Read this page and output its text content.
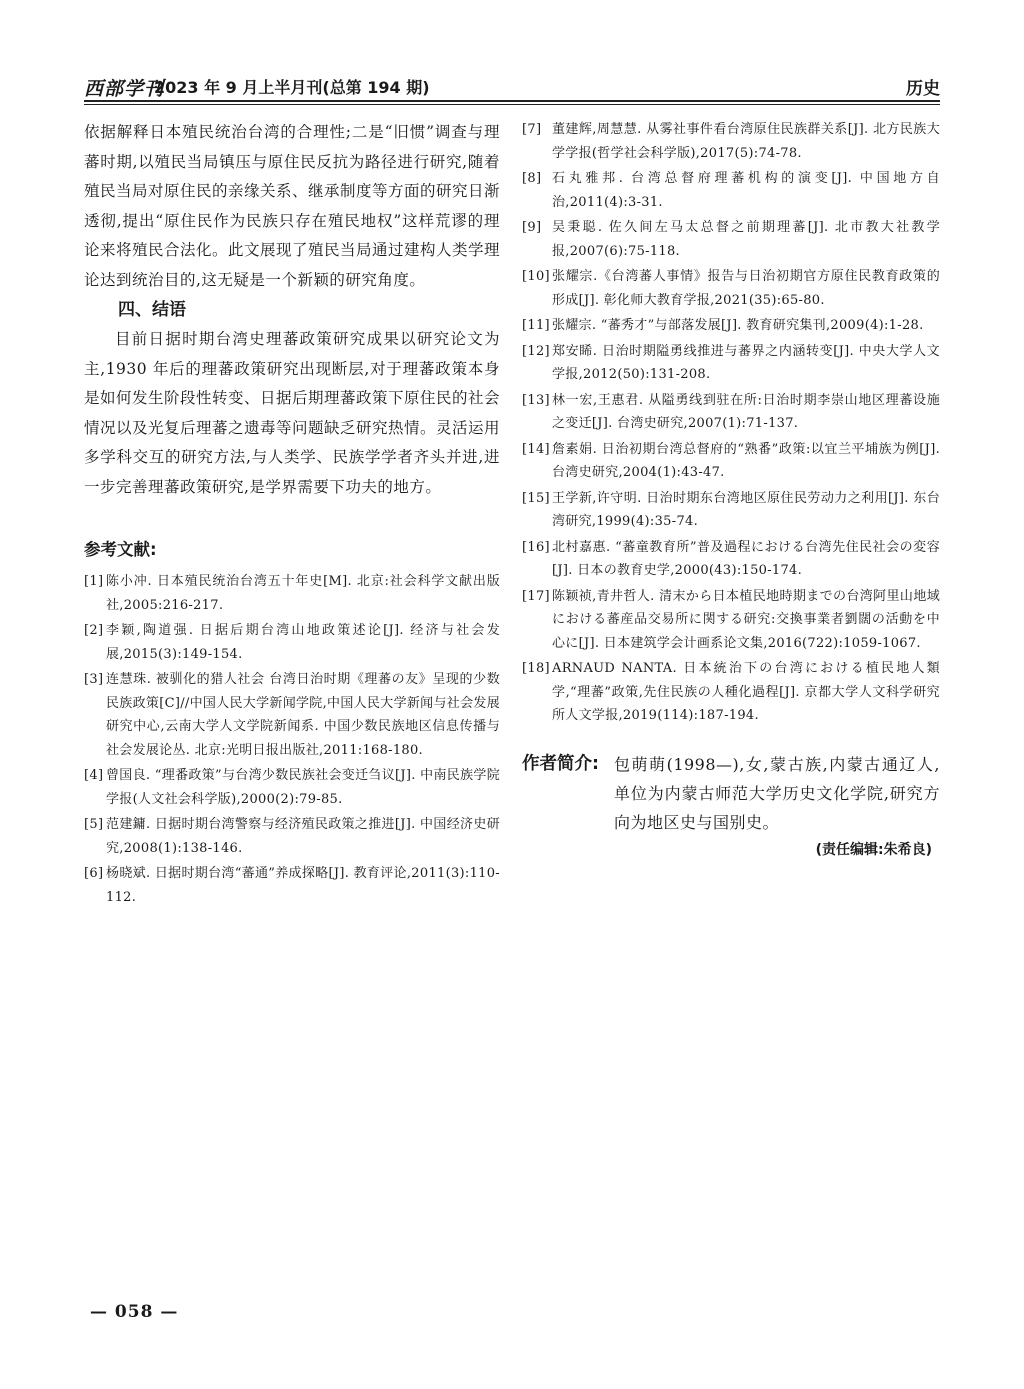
西部学刊
2023 年 9 月上半月刊(总第 194 期)	历史

依据解释日本殖民统治台湾的合理性;二是“旧惯”调查与理蕃时期,以殖民当局镇压与原住民反抗为路径进行研究,随着殖民当局对原住民的亲缘关系、继承制度等方面的研究日渐透彻,提出“原住民作为民族只存在殖民地权”这样荒谬的理论来将殖民合法化。此文展现了殖民当局通过建构人类学理论达到统治目的,这无疑是一个新颖的研究角度。

四、结语

目前日据时期台湾史理蕃政策研究成果以研究论文为主,1930 年后的理蕃政策研究出现断层,对于理蕃政策本身是如何发生阶段性转变、日据后期理蕃政策下原住民的社会情况以及光复后理蕃之遗毒等问题缺乏研究热情。灵活运用多学科交互的研究方法,与人类学、民族学学者齐头并进,进一步完善理蕃政策研究,是学界需要下功夫的地方。

参考文献:
[1] 陈小冲. 日本殖民统治台湾五十年史[M]. 北京:社会科学文献出版社,2005:216-217.
[2] 李颖,陶道强. 日据后期台湾山地政策述论[J]. 经济与社会发展,2015(3):149-154.
[3] 连慧珠. 被驯化的猎人社会 台湾日治时期《理蕃の友》呈现的少数民族政策[C]//中国人民大学新闻学院,中国人民大学新闻与社会发展研究中心,云南大学人文学院新闻系. 中国少数民族地区信息传播与社会发展论丛. 北京:光明日报出版社,2011:168-180.
[4] 曾国良. “理番政策”与台湾少数民族社会变迁刍议[J]. 中南民族学院学报(人文社会科学版),2000(2):79-85.
[5] 范建鏞. 日据时期台湾警察与经济殖民政策之推进[J]. 中国经济史研究,2008(1):138-146.
[6] 杨晓斌. 日据时期台湾“蕃通”养成探略[J]. 教育评论,2011(3):110-112.
[7] 董建辉,周慧慧. 从雾社事件看台湾原住民族群关系[J]. 北方民族大学学报(哲学社会科学版),2017(5):74-78.
[8] 石丸雅邦. 台湾总督府理蕃机构的演变[J]. 中国地方自治,2011(4):3-31.
[9] 吴秉聪. 佐久间左马太总督之前期理蕃[J]. 北市教大社教学报,2007(6):75-118.
[10] 张耀宗.《台湾蕃人事情》报告与日治初期官方原住民教育政策的形成[J]. 彰化师大教育学报,2021(35):65-80.
[11] 张耀宗. “蕃秀才”与部落发展[J]. 教育研究集刊,2009(4):1-28.
[12] 郑安睎. 日治时期隘勇线推进与蕃界之内涵转变[J]. 中央大学人文学报,2012(50):131-208.
[13] 林一宏,王惠君. 从隘勇线到驻在所:日治时期李崇山地区理蕃设施之变迁[J]. 台湾史研究,2007(1):71-137.
[14] 詹素娟. 日治初期台湾总督府的“熟番”政策:以宜兰平埔族为例[J]. 台湾史研究,2004(1):43-47.
[15] 王学新,许守明. 日治时期东台湾地区原住民劳动力之利用[J]. 东台湾研究,1999(4):35-74.
[16] 北村嘉惠. “蕃童教育所”普及過程における台湾先住民社会の変容[J]. 日本の教育史学,2000(43):150-174.
[17] 陈颖祯,青井哲人. 清末から日本植民地時期までの台湾阿里山地域における蕃産品交易所に関する研究:交換事業者劉闊の活動を中心に[J]. 日本建筑学会计画系论文集,2016(722):1059-1067.
[18] ARNAUD NANTA. 日本統治下の台湾における植民地人類学,“理蕃”政策,先住民族の人種化過程[J]. 京都大学人文科学研究所人文学报,2019(114):187-194.
作者简介: 包萌萌(1998—),女,蒙古族,内蒙古通辽人,单位为内蒙古师范大学历史文化学院,研究方向为地区史与国别史。

(责任编辑:朱希良)
— 058 —
